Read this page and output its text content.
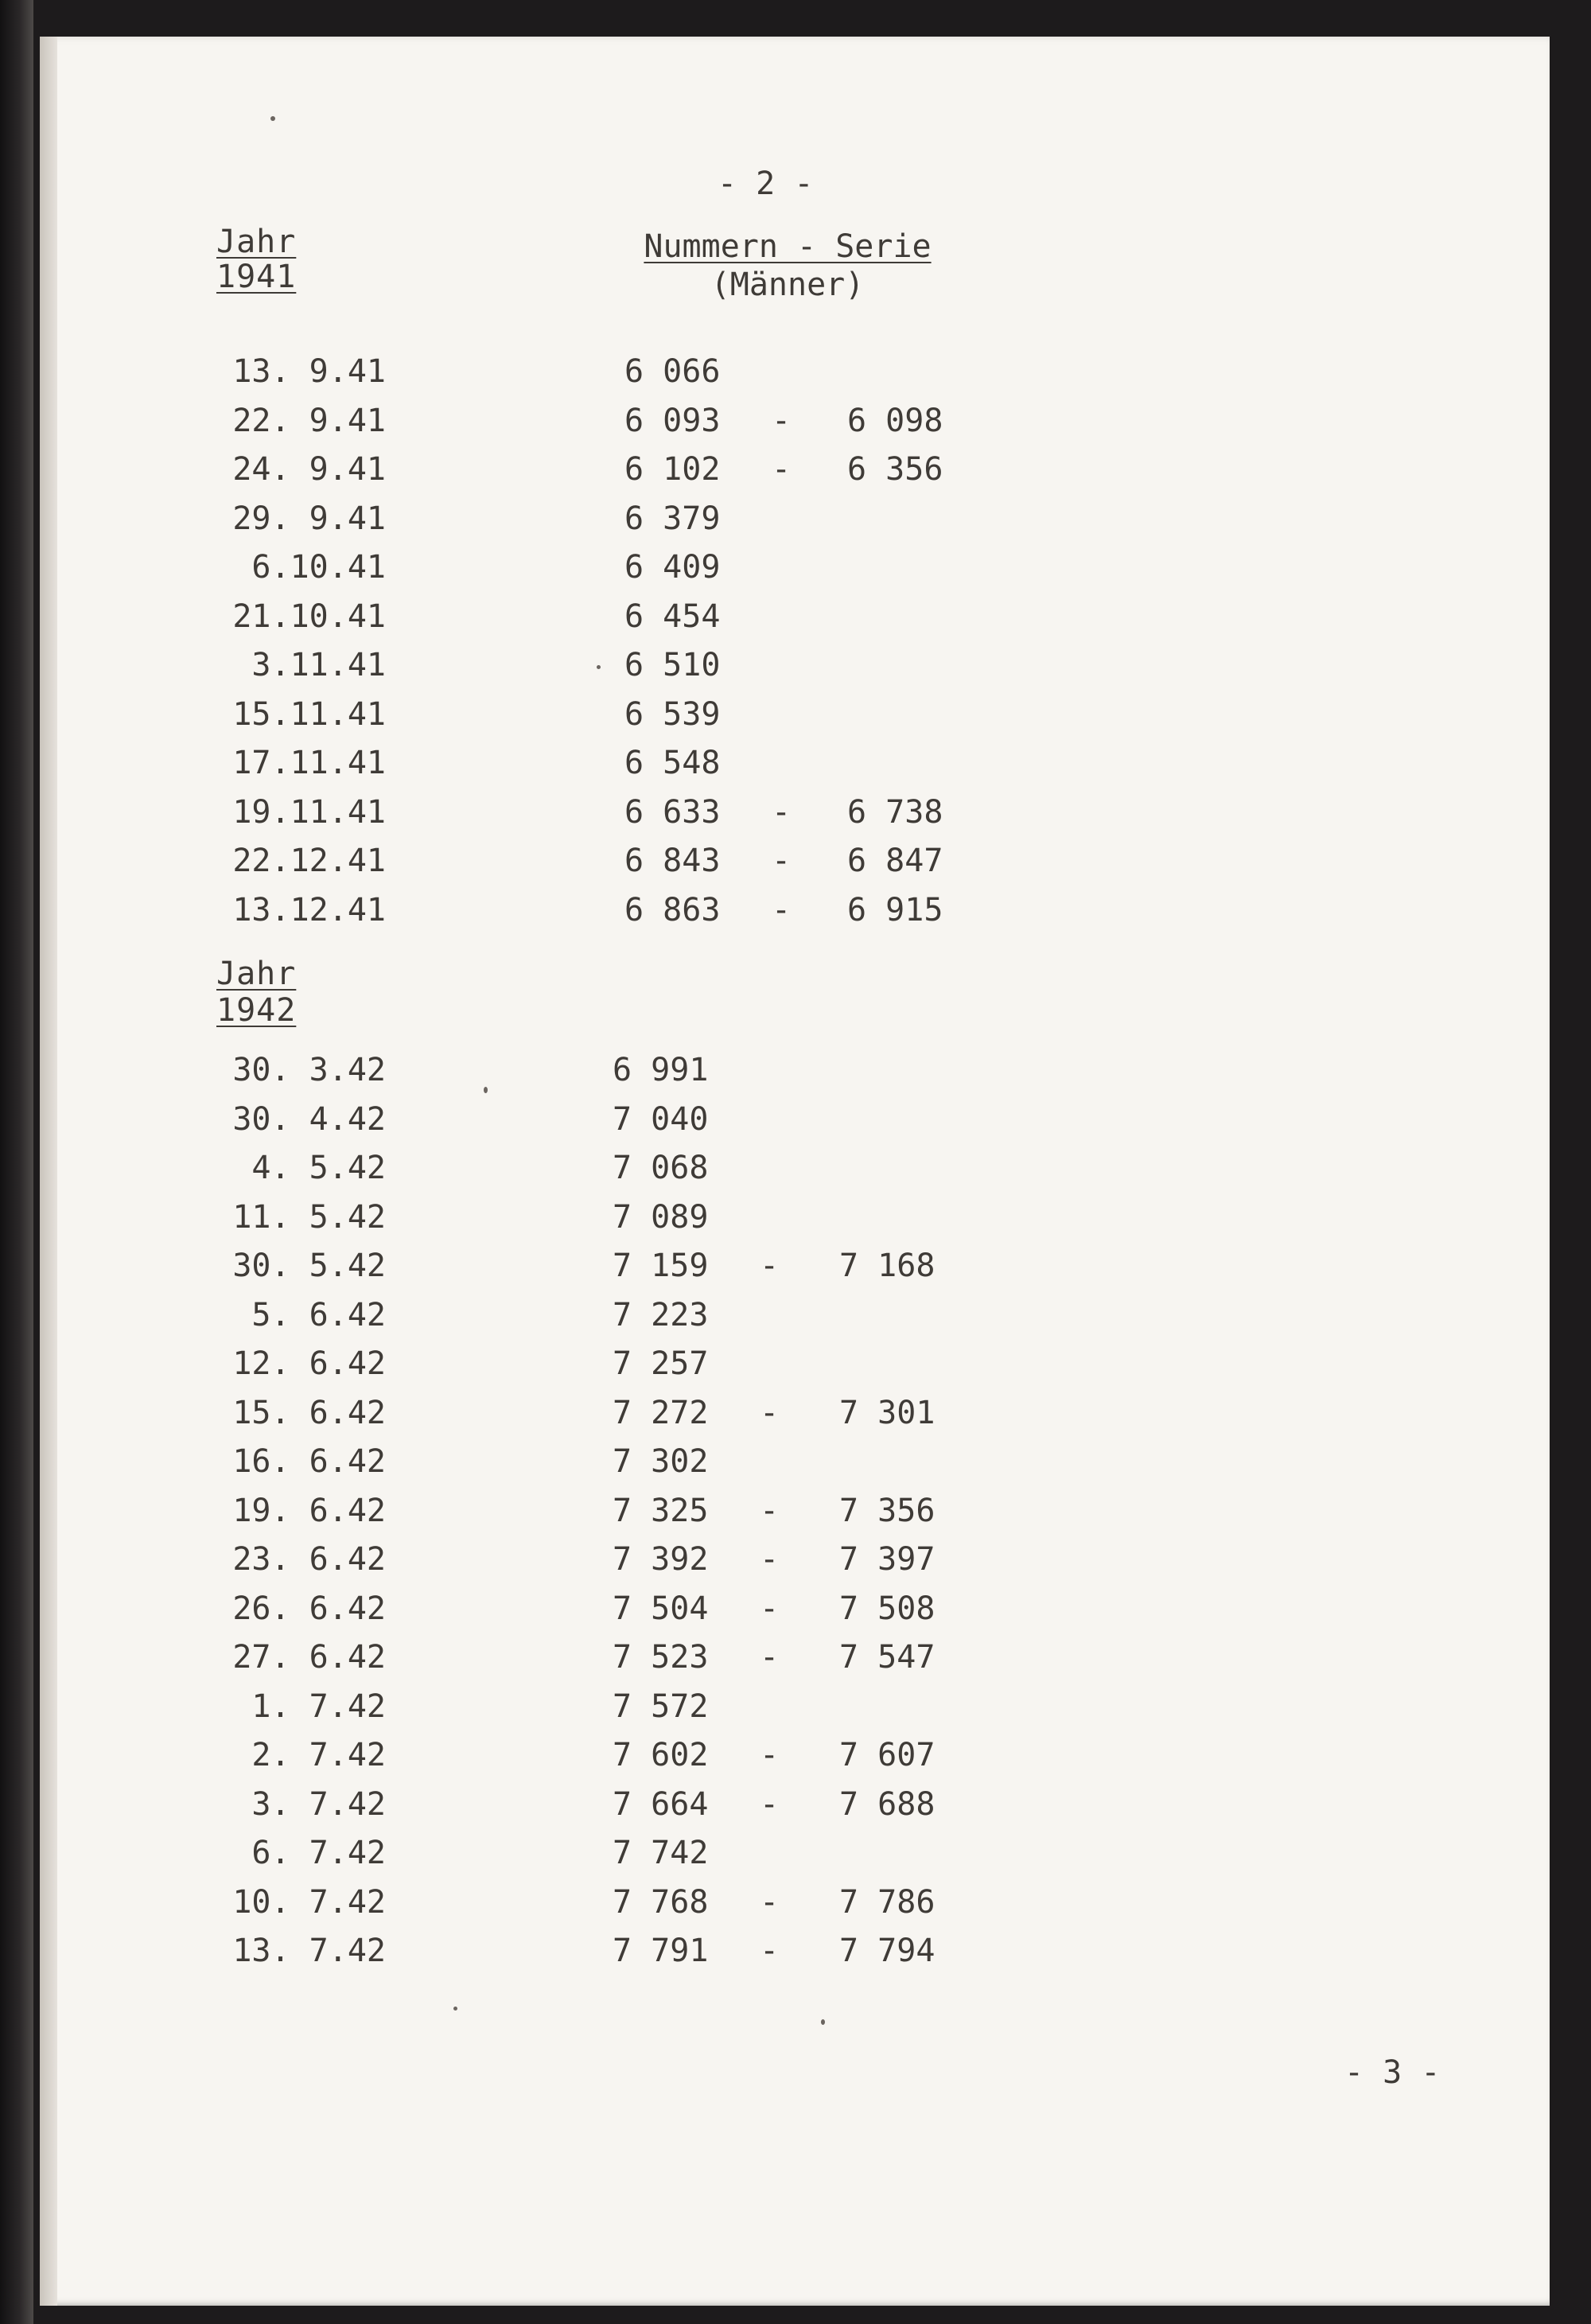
- 2 -
Jahr
1941
Nummern - Serie
(Männer)
13. 9.41	6 066
22. 9.41	6 093 - 6 098
24. 9.41	6 102 - 6 356
29. 9.41	6 379
6.10.41	6 409
21.10.41	6 454
3.11.41	6 510
15.11.41	6 539
17.11.41	6 548
19.11.41	6 633 - 6 738
22.12.41	6 843 - 6 847
13.12.41	6 863 - 6 915
Jahr
1942
30. 3.42	6 991
30. 4.42	7 040
4. 5.42	7 068
11. 5.42	7 089
30. 5.42	7 159 - 7 168
5. 6.42	7 223
12. 6.42	7 257
15. 6.42	7 272 - 7 301
16. 6.42	7 302
19. 6.42	7 325 - 7 356
23. 6.42	7 392 - 7 397
26. 6.42	7 504 - 7 508
27. 6.42	7 523 - 7 547
1. 7.42	7 572
2. 7.42	7 602 - 7 607
3. 7.42	7 664 - 7 688
6. 7.42	7 742
10. 7.42	7 768 - 7 786
13. 7.42	7 791 - 7 794
- 3 -
